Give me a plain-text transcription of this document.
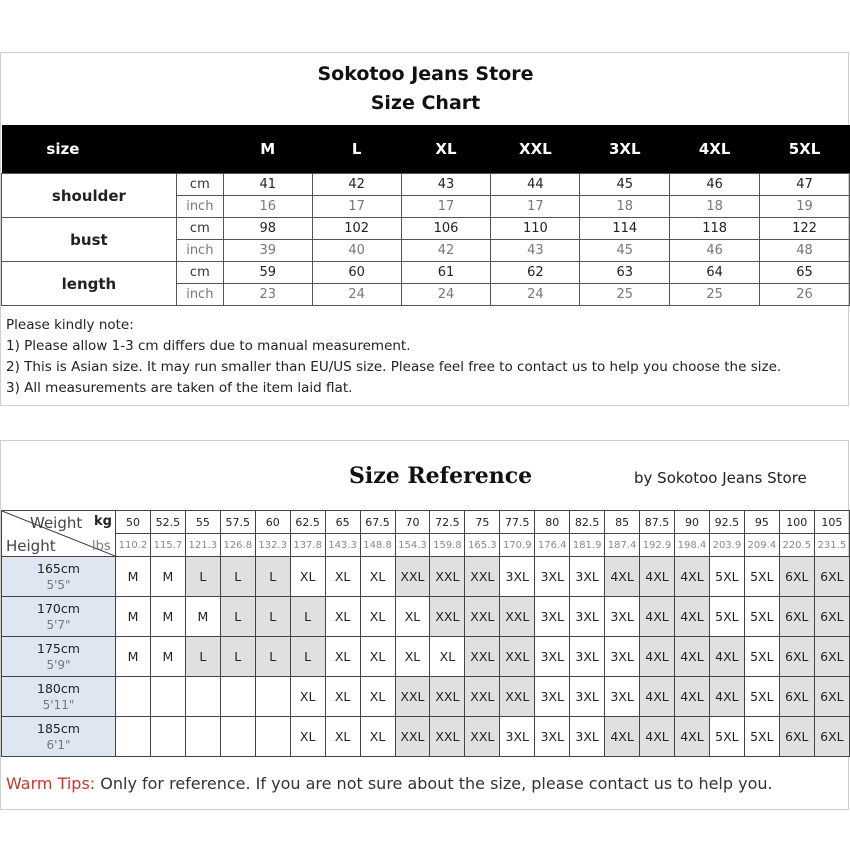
Sokotoo Jeans Store
Size Chart
size		M	L	XL	XXL	3XL	4XL	5XL
shoulder	cm	41	42	43	44	45	46	47
	inch	16	17	17	17	18	18	19
bust	cm	98	102	106	110	114	118	122
	inch	39	40	42	43	45	46	48
length	cm	59	60	61	62	63	64	65
	inch	23	24	24	24	25	25	26
Please kindly note:
1) Please allow 1-3 cm differs due to manual measurement.
2) This is Asian size. It may run smaller than EU/US size. Please feel free to contact us to help you choose the size.
3) All measurements are taken of the item laid flat.
Size Reference	by Sokotoo Jeans Store
Weight kg
Height lbs	50	52.5	55	57.5	60	62.5	65	67.5	70	72.5	75	77.5	80	82.5	85	87.5	90	92.5	95	100	105
	110.2	115.7	121.3	126.8	132.3	137.8	143.3	148.8	154.3	159.8	165.3	170.9	176.4	181.9	187.4	192.9	198.4	203.9	209.4	220.5	231.5

165cm
5'5"	M	M	L	L	L	XL	XL	XL	XXL	XXL	XXL	3XL	3XL	3XL	4XL	4XL	4XL	5XL	5XL	6XL	6XL

170cm
5'7"	M	M	M	L	L	L	XL	XL	XL	XXL	XXL	XXL	3XL	3XL	3XL	4XL	4XL	5XL	5XL	6XL	6XL

175cm
5'9"	M	M	L	L	L	L	XL	XL	XL	XL	XXL	XXL	3XL	3XL	3XL	4XL	4XL	4XL	5XL	6XL	6XL

180cm
5'11"						XL	XL	XL	XXL	XXL	XXL	XXL	3XL	3XL	3XL	4XL	4XL	4XL	5XL	6XL	6XL

185cm
6'1"						XL	XL	XL	XXL	XXL	XXL	3XL	3XL	3XL	4XL	4XL	4XL	5XL	5XL	6XL	6XL
Warm Tips: Only for reference. If you are not sure about the size, please contact us to help you.
